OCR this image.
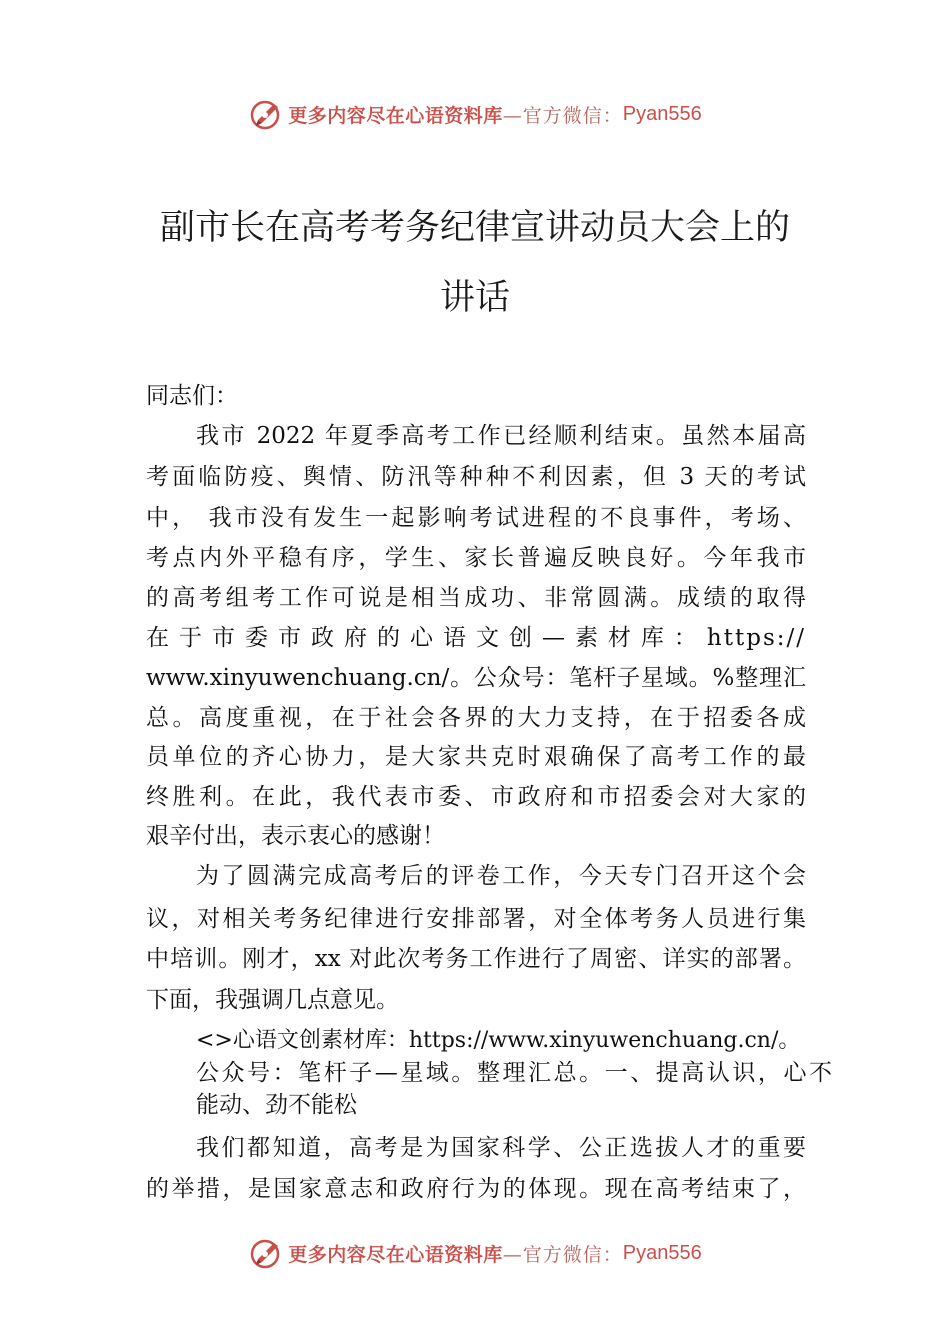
更多内容尽在心语资料库 —官方微信： Pyan556
副市长在高考考务纪律宣讲动员大会上的
讲话

同志们：

我市 2022 年夏季高考工作已经顺利结束。虽然本届高

考面临防疫、舆情、防汛等种种不利因素，但 3 天的考试

中， 我市没有发生一起影响考试进程的不良事件，考场、

考点内外平稳有序，学生、家长普遍反映良好。今年我市

的高考组考工作可说是相当成功、非常圆满。成绩的取得

在于市委市政府的心语文创—素材库：https://

www.xinyuwenchuang.cn/。公众号：笔杆子星域。%整理汇

总。高度重视，在于社会各界的大力支持，在于招委各成

员单位的齐心协力，是大家共克时艰确保了高考工作的最

终胜利。在此，我代表市委、市政府和市招委会对大家的

艰辛付出，表示衷心的感谢！

为了圆满完成高考后的评卷工作，今天专门召开这个会

议，对相关考务纪律进行安排部署，对全体考务人员进行集

中培训。刚才，xx 对此次考务工作进行了周密、详实的部署。

下面，我强调几点意见。

<>心语文创素材库：https://www.xinyuwenchuang.cn/。

公众号：笔杆子—星域。整理汇总。一、提高认识，心不

能动、劲不能松

我们都知道，高考是为国家科学、公正选拔人才的重要

的举措，是国家意志和政府行为的体现。现在高考结束了，

更多内容尽在心语资料库 —官方微信： Pyan556
